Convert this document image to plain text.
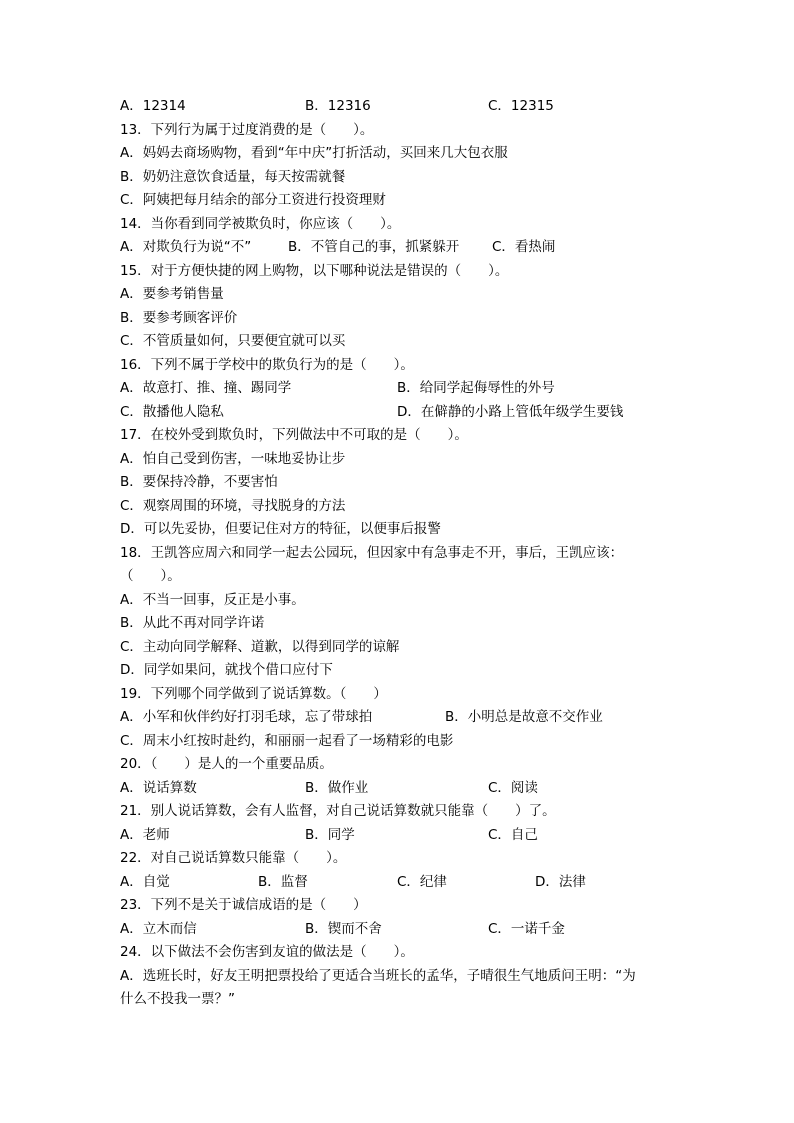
A．12314	B．12316	C．12315
13．下列行为属于过度消费的是（　　）。
A．妈妈去商场购物，看到“年中庆”打折活动，买回来几大包衣服
B．奶奶注意饮食适量，每天按需就餐
C．阿姨把每月结余的部分工资进行投资理财
14．当你看到同学被欺负时，你应该（　　）。
A．对欺负行为说“不”	B．不管自己的事，抓紧躲开 C．看热闹
15．对于方便快捷的网上购物，以下哪种说法是错误的（　　）。
A．要参考销售量
B．要参考顾客评价
C．不管质量如何，只要便宜就可以买
16．下列不属于学校中的欺负行为的是（　　）。
A．故意打、推、撞、踢同学	B．给同学起侮辱性的外号
C．散播他人隐私	D．在僻静的小路上管低年级学生要钱
17．在校外受到欺负时，下列做法中不可取的是（　　）。
A．怕自己受到伤害，一味地妥协让步
B．要保持冷静，不要害怕
C．观察周围的环境，寻找脱身的方法
D．可以先妥协，但要记住对方的特征，以便事后报警
18．王凯答应周六和同学一起去公园玩，但因家中有急事走不开，事后，王凯应该：
（　　）。
A．不当一回事，反正是小事。
B．从此不再对同学许诺
C．主动向同学解释、道歉，以得到同学的谅解
D．同学如果问，就找个借口应付下
19．下列哪个同学做到了说话算数。（　　）
A．小军和伙伴约好打羽毛球，忘了带球拍	B．小明总是故意不交作业
C．周末小红按时赴约，和丽丽一起看了一场精彩的电影
20．（　　）是人的一个重要品质。
A．说话算数	B．做作业	C．阅读
21．别人说话算数，会有人监督，对自己说话算数就只能靠（　　）了。
A．老师	B．同学	C．自己
22．对自己说话算数只能靠（　　）。
A．自觉	B．监督	C．纪律	D．法律
23．下列不是关于诚信成语的是（　　）
A．立木而信	B．锲而不舍	C．一诺千金
24．以下做法不会伤害到友谊的做法是（　　）。
A．选班长时，好友王明把票投给了更适合当班长的孟华，子晴很生气地质问王明：“为
什么不投我一票？”
